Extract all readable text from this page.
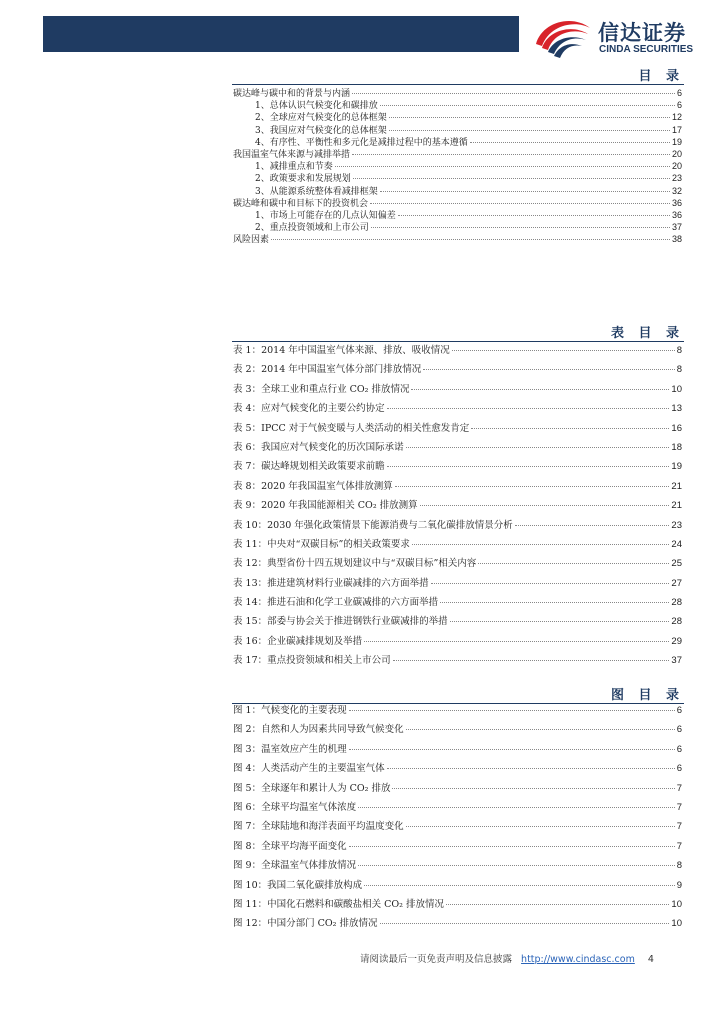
信达证券
CINDA SECURITIES
目 录
碳达峰与碳中和的背景与内涵	6
1、总体认识气候变化和碳排放	6
2、全球应对气候变化的总体框架	12
3、我国应对气候变化的总体框架	17
4、有序性、平衡性和多元化是减排过程中的基本遵循	19
我国温室气体来源与减排举措	20
1、减排重点和节奏	20
2、政策要求和发展规划	23
3、从能源系统整体看减排框架	32
碳达峰和碳中和目标下的投资机会	36
1、市场上可能存在的几点认知偏差	36
2、重点投资领域和上市公司	37
风险因素	38
表 目 录
表 1：2014 年中国温室气体来源、排放、吸收情况	8
表 2：2014 年中国温室气体分部门排放情况	8
表 3：全球工业和重点行业 CO₂ 排放情况	10
表 4：应对气候变化的主要公约协定	13
表 5：IPCC 对于气候变暖与人类活动的相关性愈发肯定	16
表 6：我国应对气候变化的历次国际承诺	18
表 7：碳达峰规划相关政策要求前瞻	19
表 8：2020 年我国温室气体排放测算	21
表 9：2020 年我国能源相关 CO₂ 排放测算	21
表 10：2030 年强化政策情景下能源消费与二氧化碳排放情景分析	23
表 11：中央对“双碳目标”的相关政策要求	24
表 12：典型省份十四五规划建议中与“双碳目标”相关内容	25
表 13：推进建筑材料行业碳减排的六方面举措	27
表 14：推进石油和化学工业碳减排的六方面举措	28
表 15：部委与协会关于推进钢铁行业碳减排的举措	28
表 16：企业碳减排规划及举措	29
表 17：重点投资领域和相关上市公司	37
图 目 录
图 1：气候变化的主要表现	6
图 2：自然和人为因素共同导致气候变化	6
图 3：温室效应产生的机理	6
图 4：人类活动产生的主要温室气体	6
图 5：全球逐年和累计人为 CO₂ 排放	7
图 6：全球平均温室气体浓度	7
图 7：全球陆地和海洋表面平均温度变化	7
图 8：全球平均海平面变化	7
图 9：全球温室气体排放情况	8
图 10：我国二氧化碳排放构成	9
图 11：中国化石燃料和碳酸盐相关 CO₂ 排放情况	10
图 12：中国分部门 CO₂ 排放情况	10
请阅读最后一页免责声明及信息披露 http://www.cindasc.com 4
